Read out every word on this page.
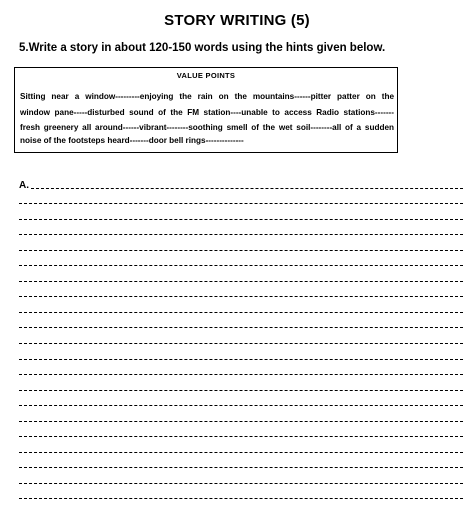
STORY WRITING (5)
5.Write a story in about 120-150 words using the hints given below.
VALUE POINTS
Sitting near a window---------enjoying the rain on the mountains------pitter patter on the
window pane-----disturbed sound of the FM station----unable to access Radio stations-------
fresh greenery all around------vibrant--------soothing smell of the wet soil--------all of a sudden
noise of the footsteps heard-------door bell rings--------------
A.
